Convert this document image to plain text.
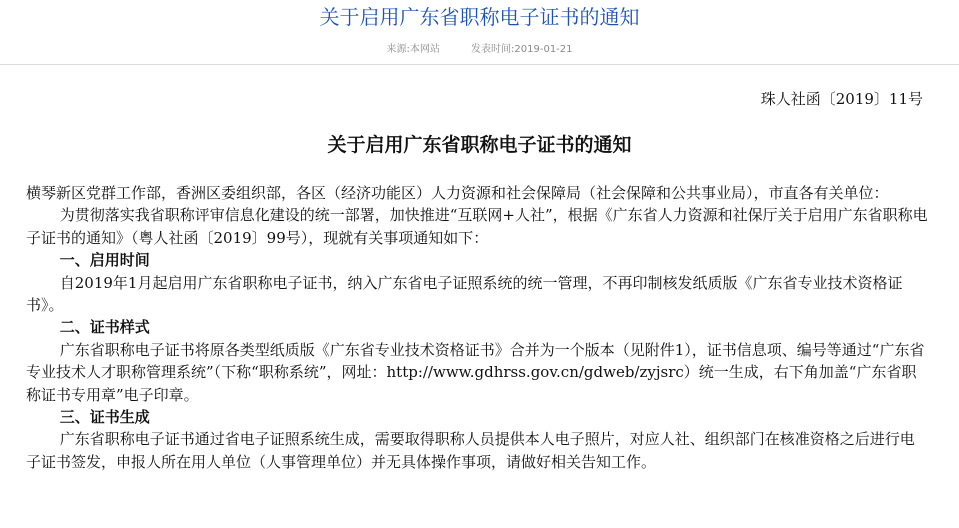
关于启用广东省职称电子证书的通知
来源:本网站	发表时间:2019-01-21
珠人社函〔2019〕11号
关于启用广东省职称电子证书的通知

横琴新区党群工作部，香洲区委组织部，各区（经济功能区）人力资源和社会保障局（社会保障和公共事业局），市直各有关单位：

为贯彻落实我省职称评审信息化建设的统一部署，加快推进“互联网+人社”，根据《广东省人力资源和社保厅关于启用广东省职称电子证书的通知》（粤人社函〔2019〕99号），现就有关事项通知如下：

一、启用时间

自2019年1月起启用广东省职称电子证书，纳入广东省电子证照系统的统一管理，不再印制核发纸质版《广东省专业技术资格证书》。

二、证书样式

广东省职称电子证书将原各类型纸质版《广东省专业技术资格证书》合并为一个版本（见附件1），证书信息项、编号等通过“广东省专业技术人才职称管理系统”（下称“职称系统”，网址：http://www.gdhrss.gov.cn/gdweb/zyjsrc）统一生成，右下角加盖“广东省职称证书专用章”电子印章。

三、证书生成

广东省职称电子证书通过省电子证照系统生成，需要取得职称人员提供本人电子照片，对应人社、组织部门在核准资格之后进行电子证书签发，申报人所在用人单位（人事管理单位）并无具体操作事项，请做好相关告知工作。
